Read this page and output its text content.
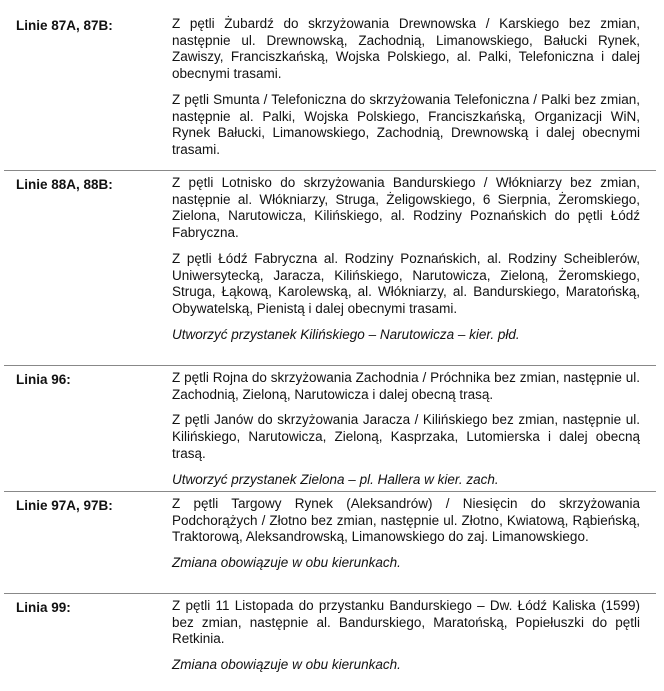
Linie 87A, 87B:	Z pętli Żubardź do skrzyżowania Drewnowska / Karskiego bez zmian, następnie ul. Drewnowską, Zachodnią, Limanowskiego, Bałucki Rynek, Zawiszy, Franciszkańską, Wojska Polskiego, al. Palki, Telefoniczna i dalej obecnymi trasami.

Z pętli Smunta / Telefoniczna do skrzyżowania Telefoniczna / Palki bez zmian, następnie al. Palki, Wojska Polskiego, Franciszkańską, Organizacji WiN, Rynek Bałucki, Limanowskiego, Zachodnią, Drewnowską i dalej obecnymi trasami.

Linie 88A, 88B:	Z pętli Lotnisko do skrzyżowania Bandurskiego / Włókniarzy bez zmian, następnie al. Włókniarzy, Struga, Żeligowskiego, 6 Sierpnia, Żeromskiego, Zielona, Narutowicza, Kilińskiego, al. Rodziny Poznańskich do pętli Łódź Fabryczna.

Z pętli Łódź Fabryczna al. Rodziny Poznańskich, al. Rodziny Scheiblerów, Uniwersytecką, Jaracza, Kilińskiego, Narutowicza, Zieloną, Żeromskiego, Struga, Łąkową, Karolewską, al. Włókniarzy, al. Bandurskiego, Maratońską, Obywatelską, Pienistą i dalej obecnymi trasami.

Utworzyć przystanek Kilińskiego – Narutowicza – kier. płd.

Linia 96:	Z pętli Rojna do skrzyżowania Zachodnia / Próchnika bez zmian, następnie ul. Zachodnią, Zieloną, Narutowicza i dalej obecną trasą.

Z pętli Janów do skrzyżowania Jaracza / Kilińskiego bez zmian, następnie ul. Kilińskiego, Narutowicza, Zieloną, Kasprzaka, Lutomierska i dalej obecną trasą.

Utworzyć przystanek Zielona – pl. Hallera w kier. zach.

Linie 97A, 97B:	Z pętli Targowy Rynek (Aleksandrów) / Niesięcin do skrzyżowania Podchorążych / Złotno bez zmian, następnie ul. Złotno, Kwiatową, Rąbieńską, Traktorową, Aleksandrowską, Limanowskiego do zaj. Limanowskiego.

Zmiana obowiązuje w obu kierunkach.

Linia 99:	Z pętli 11 Listopada do przystanku Bandurskiego – Dw. Łódź Kaliska (1599) bez zmian, następnie al. Bandurskiego, Maratońską, Popiełuszki do pętli Retkinia.

Zmiana obowiązuje w obu kierunkach.
